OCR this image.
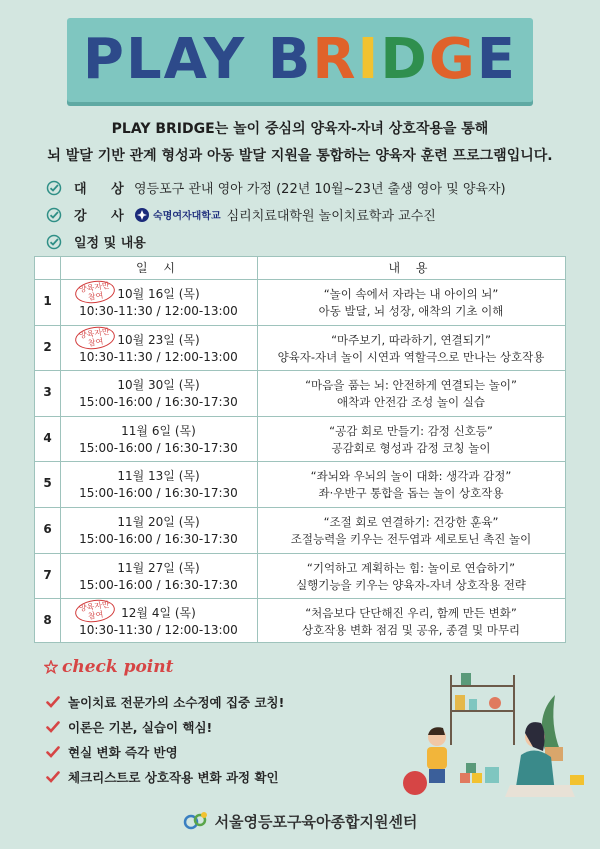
PLAY BRIDGE
PLAY BRIDGE는 놀이 중심의 양육자-자녀 상호작용을 통해
뇌 발달 기반 관계 형성과 아동 발달 지원을 통합하는 양육자 훈련 프로그램입니다.
대 상 영등포구 관내 영아 가정 (22년 10월~23년 출생 영아 및 양육자)
강 사 숙명여자대학교 심리치료대학원 놀이치료학과 교수진
일정 및 내용
일 시	내 용
1
양육자만
참여	10월 16일 (목)
10:30-11:30 / 12:00-13:00
“놀이 속에서 자라는 내 아이의 뇌”
아동 발달, 뇌 성장, 애착의 기초 이해
2
양육자만
참여	10월 23일 (목)
10:30-11:30 / 12:00-13:00
“마주보기, 따라하기, 연결되기”
양육자-자녀 놀이 시연과 역할극으로 만나는 상호작용
3	10월 30일 (목)
15:00-16:00 / 16:30-17:30
“마음을 품는 뇌: 안전하게 연결되는 놀이”
애착과 안전감 조성 놀이 실습
4	11월 6일 (목)
15:00-16:00 / 16:30-17:30
“공감 회로 만들기: 감정 신호등”
공감회로 형성과 감정 코칭 놀이
5	11월 13일 (목)
15:00-16:00 / 16:30-17:30
“좌뇌와 우뇌의 놀이 대화: 생각과 감정”
좌·우반구 통합을 돕는 놀이 상호작용
6	11월 20일 (목)
15:00-16:00 / 16:30-17:30
“조절 회로 연결하기: 건강한 훈육”
조절능력을 키우는 전두엽과 세로토닌 촉진 놀이
7	11월 27일 (목)
15:00-16:00 / 16:30-17:30
“기억하고 계획하는 힘: 놀이로 연습하기”
실행기능을 키우는 양육자-자녀 상호작용 전략
8
양육자만
참여	12월 4일 (목)
10:30-11:30 / 12:00-13:00
“처음보다 단단해진 우리, 함께 만든 변화”
상호작용 변화 점검 및 공유, 종결 및 마무리
check point
놀이치료 전문가의 소수정예 집중 코칭!
이론은 기본, 실습이 핵심!
현실 변화 즉각 반영
체크리스트로 상호작용 변화 과정 확인
서울영등포구육아종합지원센터
